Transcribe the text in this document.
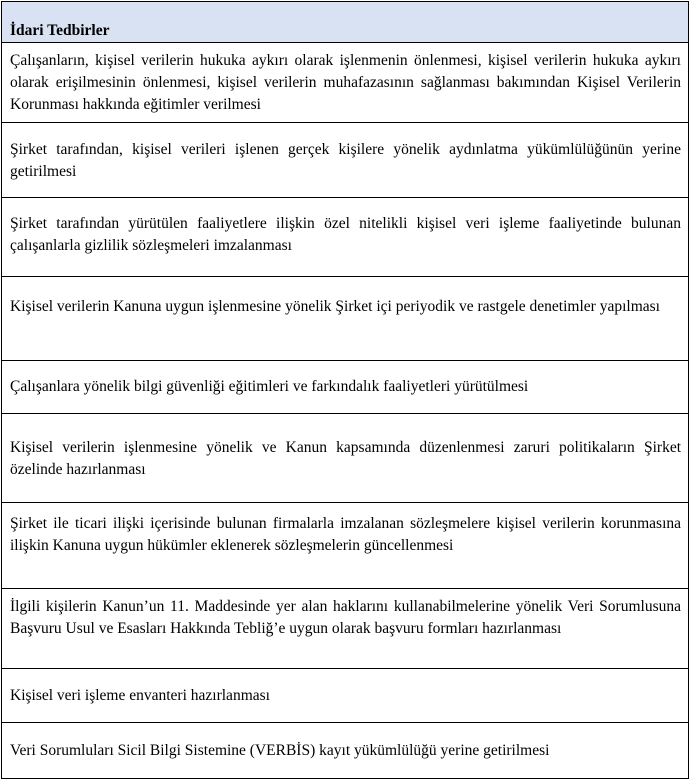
İdari Tedbirler
Çalışanların, kişisel verilerin hukuka aykırı olarak işlenmenin önlenmesi, kişisel verilerin hukuka aykırı olarak erişilmesinin önlenmesi, kişisel verilerin muhafazasının sağlanması bakımından Kişisel Verilerin Korunması hakkında eğitimler verilmesi
Şirket tarafından, kişisel verileri işlenen gerçek kişilere yönelik aydınlatma yükümlülüğünün yerine getirilmesi
Şirket tarafından yürütülen faaliyetlere ilişkin özel nitelikli kişisel veri işleme faaliyetinde bulunan çalışanlarla gizlilik sözleşmeleri imzalanması
Kişisel verilerin Kanuna uygun işlenmesine yönelik Şirket içi periyodik ve rastgele denetimler yapılması
Çalışanlara yönelik bilgi güvenliği eğitimleri ve farkındalık faaliyetleri yürütülmesi
Kişisel verilerin işlenmesine yönelik ve Kanun kapsamında düzenlenmesi zaruri politikaların Şirket özelinde hazırlanması
Şirket ile ticari ilişki içerisinde bulunan firmalarla imzalanan sözleşmelere kişisel verilerin korunmasına ilişkin Kanuna uygun hükümler eklenerek sözleşmelerin güncellenmesi
İlgili kişilerin Kanun’un 11. Maddesinde yer alan haklarını kullanabilmelerine yönelik Veri Sorumlusuna Başvuru Usul ve Esasları Hakkında Tebliğ’e uygun olarak başvuru formları hazırlanması
Kişisel veri işleme envanteri hazırlanması
Veri Sorumluları Sicil Bilgi Sistemine (VERBİS) kayıt yükümlülüğü yerine getirilmesi
